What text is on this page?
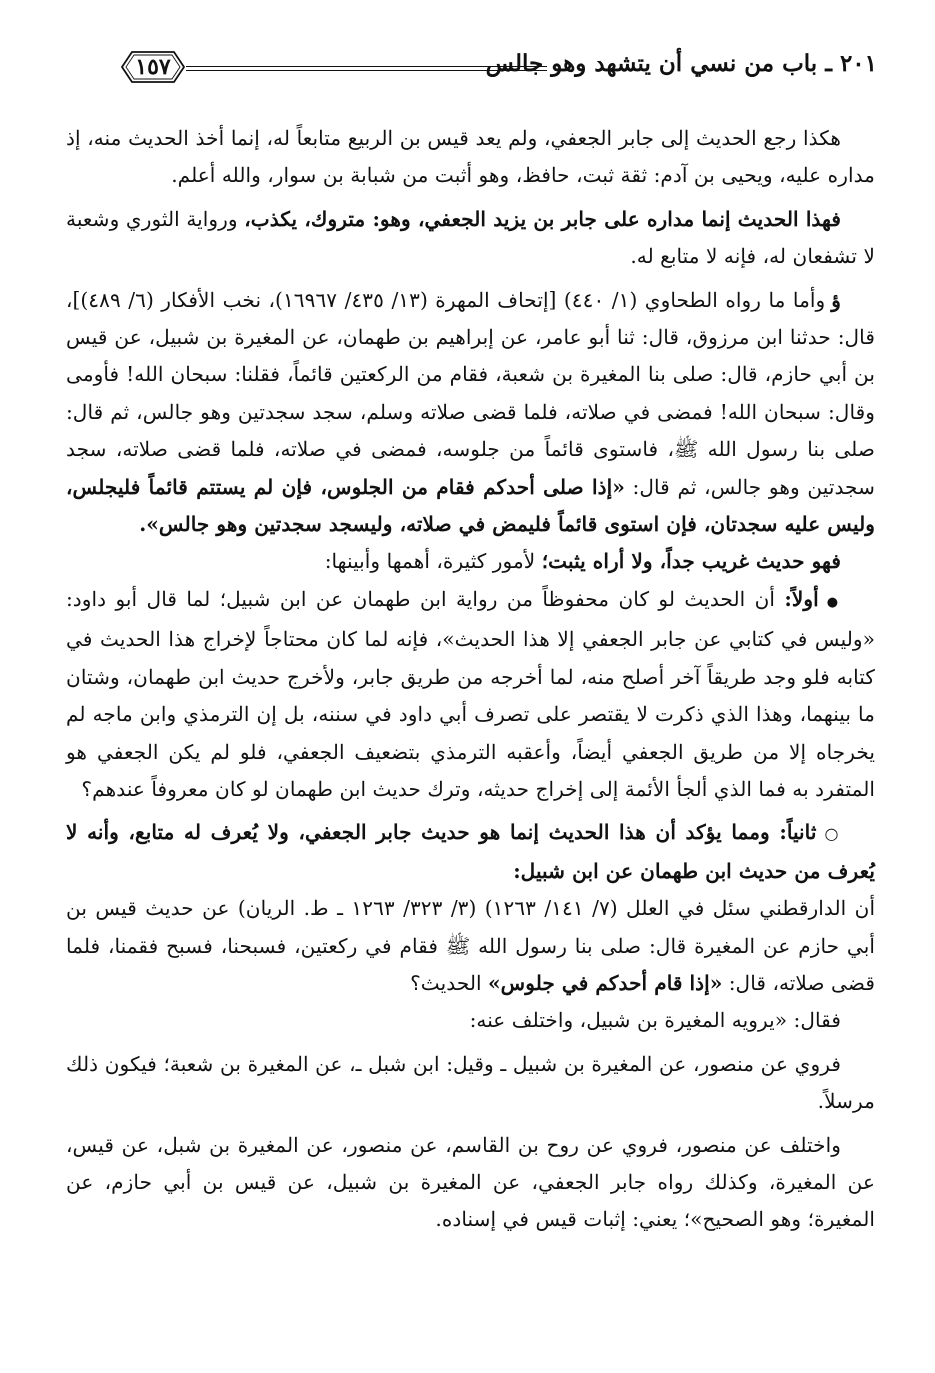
٢٠١ ـ باب من نسي أن يتشهد وهو جالس
١٥٧

هكذا رجع الحديث إلى جابر الجعفي، ولم يعد قيس بن الربيع متابعاً له، إنما أخذ الحديث منه، إذ مداره عليه، ويحيى بن آدم: ثقة ثبت، حافظ، وهو أثبت من شبابة بن سوار، والله أعلم.

فهذا الحديث إنما مداره على جابر بن يزيد الجعفي، وهو: متروك، يكذب، ورواية الثوري وشعبة لا تشفعان له، فإنه لا متابع له.

ؤ وأما ما رواه الطحاوي (١/ ٤٤٠) [إتحاف المهرة (١٣/ ٤٣٥/ ١٦٩٦٧)، نخب الأفكار (٦/ ٤٨٩)]، قال: حدثنا ابن مرزوق، قال: ثنا أبو عامر، عن إبراهيم بن طهمان، عن المغيرة بن شبيل، عن قيس بن أبي حازم، قال: صلى بنا المغيرة بن شعبة، فقام من الركعتين قائماً، فقلنا: سبحان الله! فأومى وقال: سبحان الله! فمضى في صلاته، فلما قضى صلاته وسلم، سجد سجدتين وهو جالس، ثم قال: صلى بنا رسول الله ﷺ، فاستوى قائماً من جلوسه، فمضى في صلاته، فلما قضى صلاته، سجد سجدتين وهو جالس، ثم قال: «إذا صلى أحدكم فقام من الجلوس، فإن لم يستتم قائماً فليجلس، وليس عليه سجدتان، فإن استوى قائماً فليمض في صلاته، وليسجد سجدتين وهو جالس».

فهو حديث غريب جداً، ولا أراه يثبت؛ لأمور كثيرة، أهمها وأبينها:

● أولاً: أن الحديث لو كان محفوظاً من رواية ابن طهمان عن ابن شبيل؛ لما قال أبو داود: «وليس في كتابي عن جابر الجعفي إلا هذا الحديث»، فإنه لما كان محتاجاً لإخراج هذا الحديث في كتابه فلو وجد طريقاً آخر أصلح منه، لما أخرجه من طريق جابر، ولأخرج حديث ابن طهمان، وشتان ما بينهما، وهذا الذي ذكرت لا يقتصر على تصرف أبي داود في سننه، بل إن الترمذي وابن ماجه لم يخرجاه إلا من طريق الجعفي أيضاً، وأعقبه الترمذي بتضعيف الجعفي، فلو لم يكن الجعفي هو المتفرد به فما الذي ألجأ الأئمة إلى إخراج حديثه، وترك حديث ابن طهمان لو كان معروفاً عندهم؟

○ ثانياً: ومما يؤكد أن هذا الحديث إنما هو حديث جابر الجعفي، ولا يُعرف له متابع، وأنه لا يُعرف من حديث ابن طهمان عن ابن شبيل:

أن الدارقطني سئل في العلل (٧/ ١٤١/ ١٢٦٣) (٣/ ٣٢٣/ ١٢٦٣ ـ ط. الريان) عن حديث قيس بن أبي حازم عن المغيرة قال: صلى بنا رسول الله ﷺ فقام في ركعتين، فسبحنا، فسبح فقمنا، فلما قضى صلاته، قال: «إذا قام أحدكم في جلوس» الحديث؟

فقال: «يرويه المغيرة بن شبيل، واختلف عنه:

فروي عن منصور، عن المغيرة بن شبيل ـ وقيل: ابن شبل ـ، عن المغيرة بن شعبة؛ فيكون ذلك مرسلاً.

واختلف عن منصور، فروي عن روح بن القاسم، عن منصور، عن المغيرة بن شبل، عن قيس، عن المغيرة، وكذلك رواه جابر الجعفي، عن المغيرة بن شبيل، عن قيس بن أبي حازم، عن المغيرة؛ وهو الصحيح»؛ يعني: إثبات قيس في إسناده.
